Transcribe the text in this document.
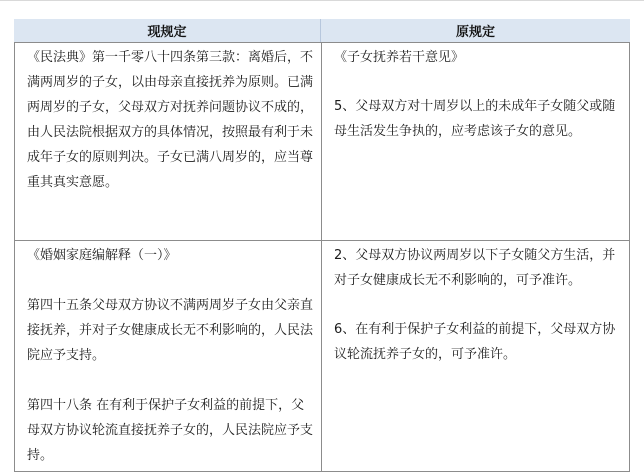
现规定	原规定

《民法典》第一千零八十四条第三款：离婚后，不满两周岁的子女，以由母亲直接抚养为原则。已满两周岁的子女，父母双方对抚养问题协议不成的，由人民法院根据双方的具体情况，按照最有利于未成年子女的原则判决。子女已满八周岁的，应当尊重其真实意愿。

《子女抚养若干意见》

5、父母双方对十周岁以上的未成年子女随父或随母生活发生争执的，应考虑该子女的意见。

《婚姻家庭编解释（一）》

第四十五条父母双方协议不满两周岁子女由父亲直接抚养，并对子女健康成长无不利影响的，人民法院应予支持。

第四十八条 在有利于保护子女利益的前提下，父母双方协议轮流直接抚养子女的，人民法院应予支持。

2、父母双方协议两周岁以下子女随父方生活，并对子女健康成长无不利影响的，可予准许。

6、在有利于保护子女利益的前提下，父母双方协议轮流抚养子女的，可予准许。
